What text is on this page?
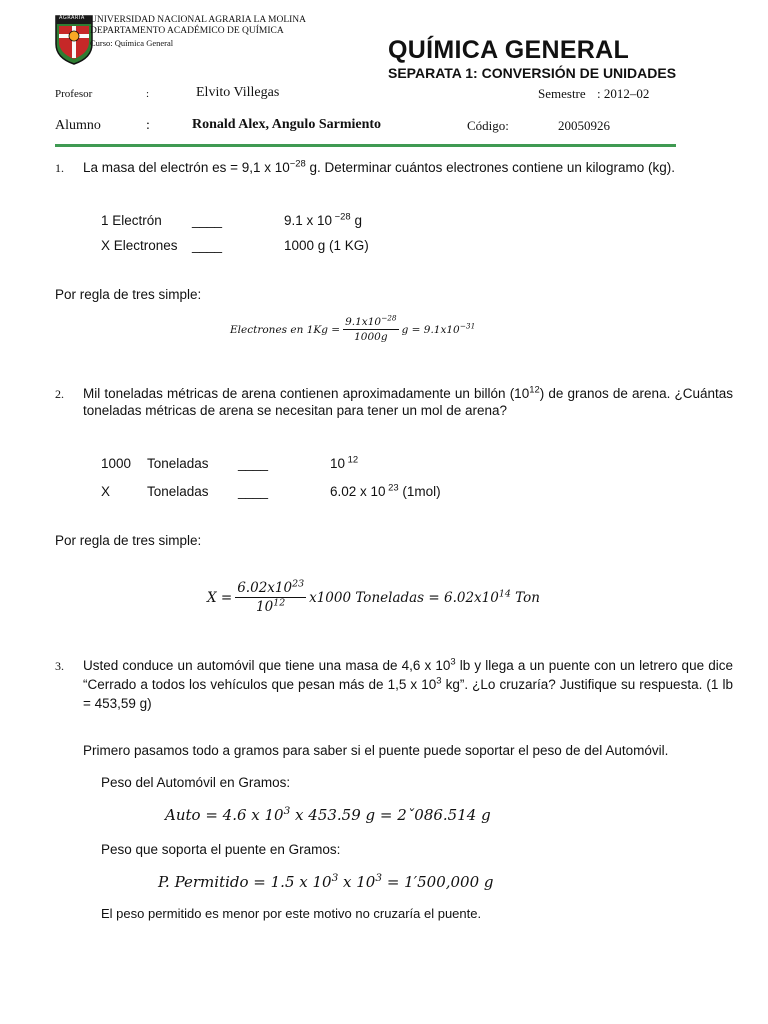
AGRARIA UNIVERSIDAD NACIONAL AGRARIA LA MOLINA
DEPARTAMENTO ACADÉMICO DE QUÍMICA
Curso: Química General	QUÍMICA GENERAL
SEPARATA 1: CONVERSIÓN DE UNIDADES
Profesor	:	Elvito Villegas	Semestre : 2012–02
Alumno	:	Ronald Alex, Angulo Sarmiento	Código:	20050926
1. La masa del electrón es = 9,1 x $10^{-28}$ g. Determinar cuántos electrones contiene un kilogramo (kg).
1 Electrón ____	9.1 x 10 $^{-28}$ g
X Electrones ____	1000 g (1 KG)
Por regla de tres simple:
Electrones en $1Kg = \frac{9.1x10^{-28}}{1000g}$ $g = 9.1x10^{-31}$
2. Mil toneladas métricas de arena contienen aproximadamente un billón $(10^{12})$ de granos de arena. ¿Cuántas toneladas métricas de arena se necesitan para tener un mol de arena?
1000 Toneladas ____	10 $^{12}$
X	Toneladas ____	6.02 x 10 $^{23}$ (1mol)
Por regla de tres simple:
$X = \frac{6.02x10^{23}}{10^{12}} x1000$ Toneladas = $6.02x10^{14}$ Ton
3. Usted conduce un automóvil que tiene una masa de 4,6 x $10^3$ lb y llega a un puente con un letrero que dice “Cerrado a todos los vehículos que pesan más de 1,5 x $10^3$ kg”. ¿Lo cruzaría? Justifique su respuesta. (1 lb = 453,59 g)
Primero pasamos todo a gramos para saber si el puente puede soportar el peso de del Automóvil.
Peso del Automóvil en Gramos:
Auto = 4.6 x $10^3$ x 453.59 g = 2ˇ086.514 g
Peso que soporta el puente en Gramos:
P. Permitido = 1.5 x $10^3$ x $10^3 = 1'500,000$ g
El peso permitido es menor por este motivo no cruzaría el puente.
